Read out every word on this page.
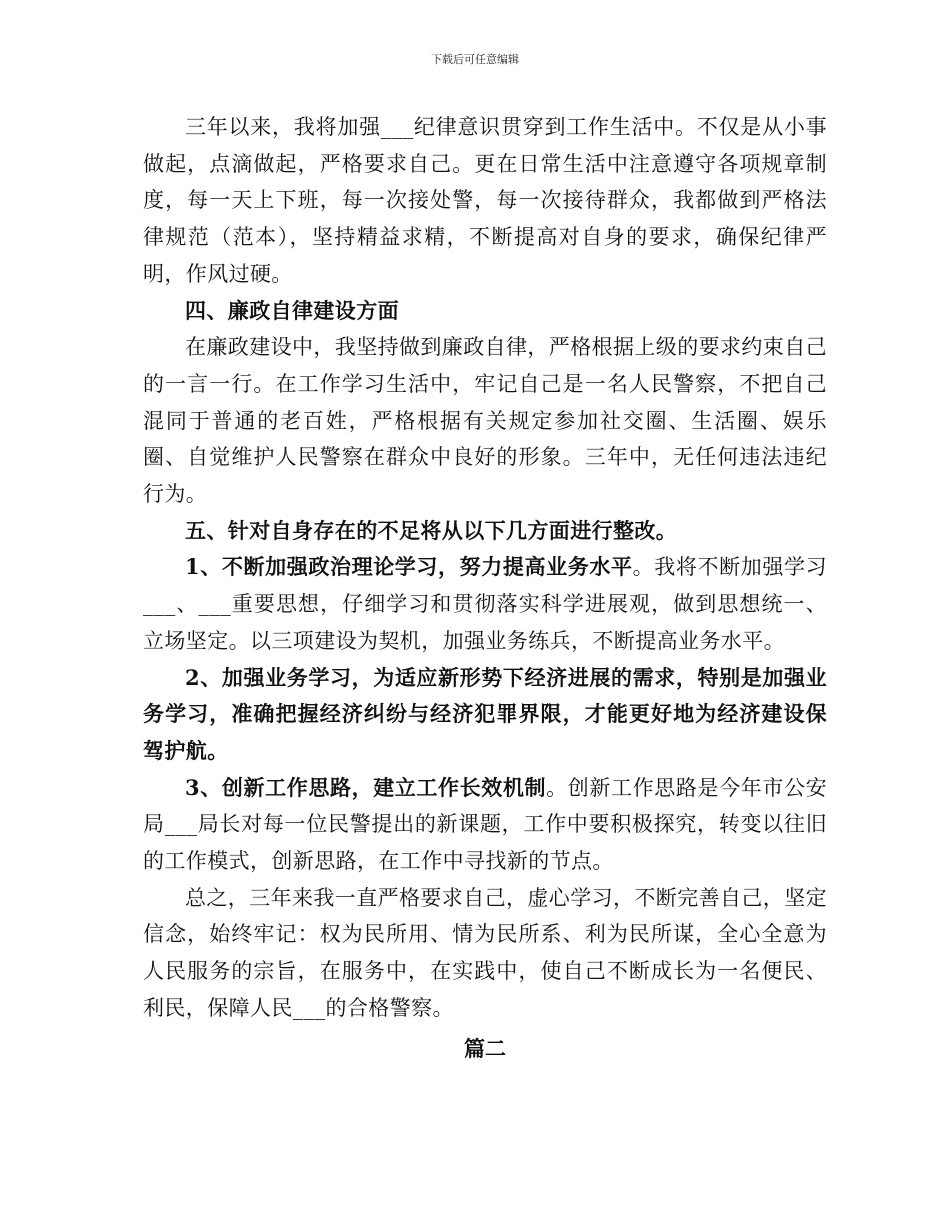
下载后可任意编辑

三年以来，我将加强___纪律意识贯穿到工作生活中。不仅是从小事做起，点滴做起，严格要求自己。更在日常生活中注意遵守各项规章制度，每一天上下班，每一次接处警，每一次接待群众，我都做到严格法律规范（范本），坚持精益求精，不断提高对自身的要求，确保纪律严明，作风过硬。

四、廉政自律建设方面

在廉政建设中，我坚持做到廉政自律，严格根据上级的要求约束自己的一言一行。在工作学习生活中，牢记自己是一名人民警察，不把自己混同于普通的老百姓，严格根据有关规定参加社交圈、生活圈、娱乐圈、自觉维护人民警察在群众中良好的形象。三年中，无任何违法违纪行为。

五、针对自身存在的不足将从以下几方面进行整改。

1、不断加强政治理论学习，努力提高业务水平。我将不断加强学习___、___重要思想，仔细学习和贯彻落实科学进展观，做到思想统一、立场坚定。以三项建设为契机，加强业务练兵，不断提高业务水平。

2、加强业务学习，为适应新形势下经济进展的需求，特别是加强业务学习，准确把握经济纠纷与经济犯罪界限，才能更好地为经济建设保驾护航。

3、创新工作思路，建立工作长效机制。创新工作思路是今年市公安局___局长对每一位民警提出的新课题，工作中要积极探究，转变以往旧的工作模式，创新思路，在工作中寻找新的节点。

总之，三年来我一直严格要求自己，虚心学习，不断完善自己，坚定信念，始终牢记：权为民所用、情为民所系、利为民所谋，全心全意为人民服务的宗旨，在服务中，在实践中，使自己不断成长为一名便民、利民，保障人民___的合格警察。

篇二
